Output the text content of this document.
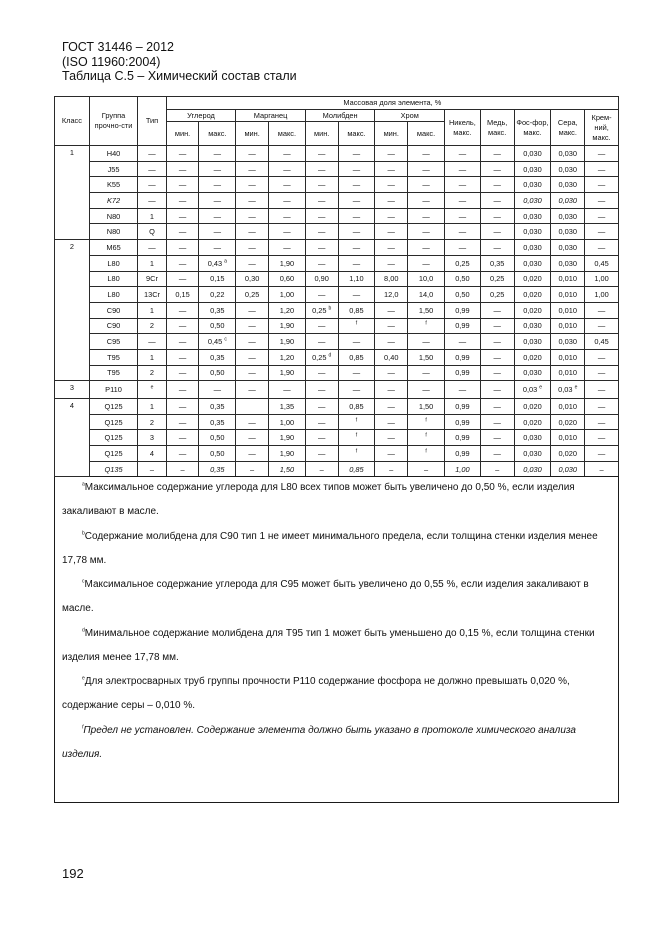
ГОСТ 31446 – 2012
(ISO 11960:2004)
Таблица С.5 – Химический состав стали
Класс	Группа прочно-сти	Тип	Массовая доля элемента, %												
			Углерод		Марганец		Молибден		Хром		Никель, макс.	Медь, макс.	Фос-фор, макс.	Сера, макс.	Крем-ний, макс.
			мин.	макс.	мин.	макс.	мин.	макс.	мин.	макс.					
1	H40	—	—	—	—	—	—	—	—	—	—	—	0,030	0,030	—
	J55	—	—	—	—	—	—	—	—	—	—	—	0,030	0,030	—
	K55	—	—	—	—	—	—	—	—	—	—	—	0,030	0,030	—
	K72	—	—	—	—	—	—	—	—	—	—	—	0,030	0,030	—
	N80	1	—	—	—	—	—	—	—	—	—	—	0,030	0,030	—
	N80	Q	—	—	—	—	—	—	—	—	—	—	0,030	0,030	—
2	M65	—	—	—	—	—	—	—	—	—	—	—	0,030	0,030	—
	L80	1	—	0,43 $^a$	—	1,90	—	—	—	—	0,25	0,35	0,030	0,030	0,45
	L80	9Cr	—	0,15	0,30	0,60	0,90	1,10	8,00	10,0	0,50	0,25	0,020	0,010	1,00
	L80	13Cr	0,15	0,22	0,25	1,00	—	—	12,0	14,0	0,50	0,25	0,020	0,010	1,00
	C90	1	—	0,35	—	1,20	0,25 $^b$	0,85	—	1,50	0,99	—	0,020	0,010	—
	C90	2	—	0,50	—	1,90	—	$^f$	—	$^f$	0,99	—	0,030	0,010	—
	C95	—	—	0,45 $^c$	—	1,90	—	—	—	—	—	—	0,030	0,030	0,45
	T95	1	—	0,35	—	1,20	0,25 $^d$	0,85	0,40	1,50	0,99	—	0,020	0,010	—
	T95	2	—	0,50	—	1,90	—	—	—	—	0,99	—	0,030	0,010	—
3	P110	$^e$	—	—	—	—	—	—	—	—	—	—	0,03 $^e$	0,03 $^e$	—
4	Q125	1	—	0,35		1,35	—	0,85	—	1,50	0,99	—	0,020	0,010	—
	Q125	2	—	0,35	—	1,00	—	$^f$	—	$^f$	0,99	—	0,020	0,020	—
	Q125	3	—	0,50	—	1,90	—	$^f$	—	$^f$	0,99	—	0,030	0,010	—
	Q125	4	—	0,50	—	1,90	—	$^f$	—	$^f$	0,99	—	0,030	0,020	—
	Q135	–	–	0,35	–	1,50	–	0,85	–	–	1,00	–	0,030	0,030	–

$^a$Максимальное содержание углерода для L80 всех типов может быть увеличено до 0,50 %, если изделия закаливают в масле.

$^b$Содержание молибдена для С90 тип 1 не имеет минимального предела, если толщина стенки изделия менее 17,78 мм.

$^c$Максимальное содержание углерода для С95 может быть увеличено до 0,55 %, если изделия закаливают в масле.

$^d$Минимальное содержание молибдена для Т95 тип 1 может быть уменьшено до 0,15 %, если толщина стенки изделия менее 17,78 мм.

$^e$Для электросварных труб группы прочности Р110 содержание фосфора не должно превышать 0,020 %, содержание серы – 0,010 %.

$^f$Предел не установлен. Содержание элемента должно быть указано в протоколе химического анализа изделия.

192
